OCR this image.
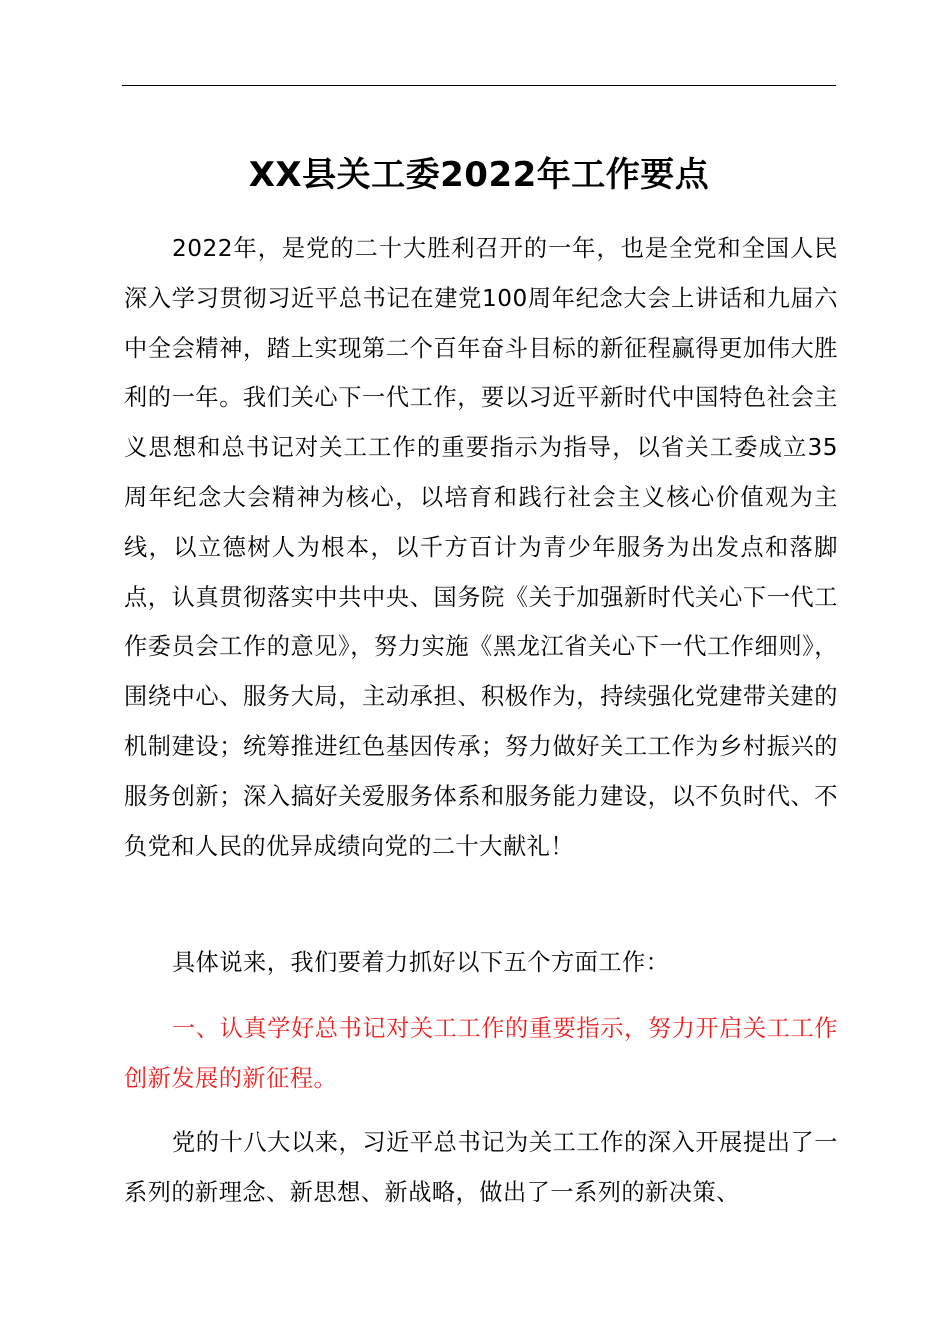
XX县关工委2022年工作要点

2022年，是党的二十大胜利召开的一年，也是全党和全国人民深入学习贯彻习近平总书记在建党100周年纪念大会上讲话和九届六中全会精神，踏上实现第二个百年奋斗目标的新征程赢得更加伟大胜利的一年。我们关心下一代工作，要以习近平新时代中国特色社会主义思想和总书记对关工工作的重要指示为指导，以省关工委成立35周年纪念大会精神为核心，以培育和践行社会主义核心价值观为主线，以立德树人为根本，以千方百计为青少年服务为出发点和落脚点，认真贯彻落实中共中央、国务院《关于加强新时代关心下一代工作委员会工作的意见》，努力实施《黑龙江省关心下一代工作细则》，围绕中心、服务大局，主动承担、积极作为，持续强化党建带关建的机制建设；统筹推进红色基因传承；努力做好关工工作为乡村振兴的服务创新；深入搞好关爱服务体系和服务能力建设，以不负时代、不负党和人民的优异成绩向党的二十大献礼！

具体说来，我们要着力抓好以下五个方面工作：

一、认真学好总书记对关工工作的重要指示，努力开启关工工作创新发展的新征程。

党的十八大以来，习近平总书记为关工工作的深入开展提出了一系列的新理念、新思想、新战略，做出了一系列的新决策、
